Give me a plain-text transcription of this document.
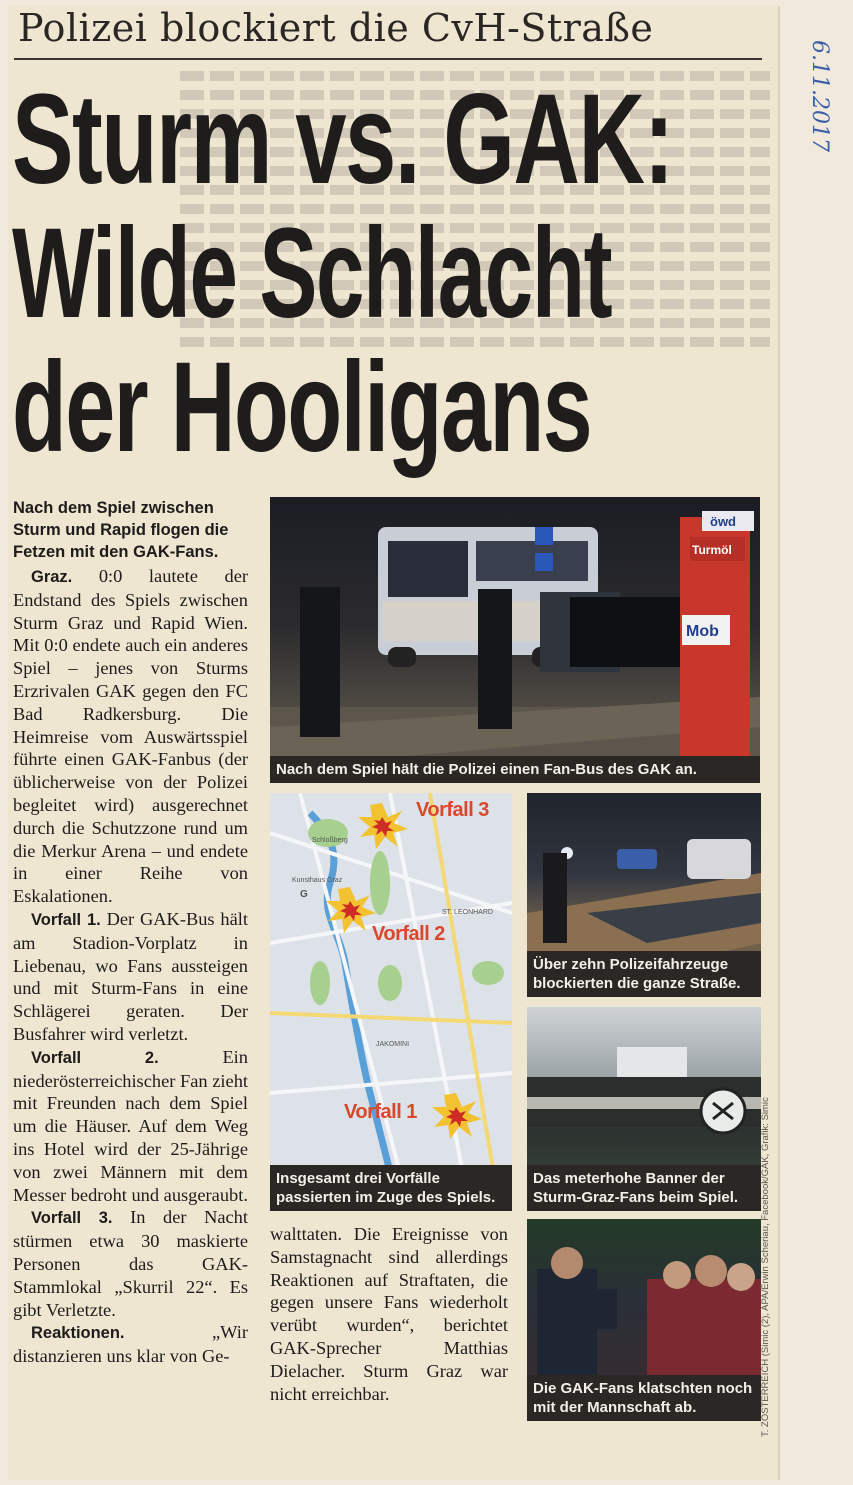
Polizei blockiert die CvH-Straße
Sturm vs. GAK:
Wilde Schlacht
der Hooligans

Nach dem Spiel zwischen Sturm und Rapid flogen die Fetzen mit den GAK-Fans.

Graz. 0:0 lautete der Endstand des Spiels zwischen Sturm Graz und Rapid Wien. Mit 0:0 endete auch ein anderes Spiel – jenes von Sturms Erzrivalen GAK gegen den FC Bad Radkersburg. Die Heimreise vom Auswärtsspiel führte einen GAK-Fanbus (der üblicherweise von der Polizei begleitet wird) ausgerechnet durch die Schutzzone rund um die Merkur Arena – und endete in einer Reihe von Eskalationen.

Vorfall 1. Der GAK-Bus hält am Stadion-Vorplatz in Liebenau, wo Fans aussteigen und mit Sturm-Fans in eine Schlägerei geraten. Der Busfahrer wird verletzt.

Vorfall 2.	Ein niederösterreichischer Fan zieht mit Freunden nach dem Spiel um die Häuser. Auf dem Weg ins Hotel wird der 25-Jährige von zwei Männern mit dem Messer bedroht und ausgeraubt.

Vorfall 3. In der Nacht stürmen etwa 30 maskierte Personen das GAK-Stammlokal „Skurril 22“. Es gibt Verletzte.

Reaktionen.	„Wir distanzieren uns klar von Ge-

walttaten. Die Ereignisse von Samstagnacht sind allerdings Reaktionen auf Straftaten, die gegen unsere Fans wiederholt verübt wurden“, berichtet GAK-Sprecher Matthias Dielacher. Sturm Graz war nicht erreichbar.

Turmöl
öwd
Mob
Nach dem Spiel hält die Polizei einen Fan-Bus des GAK an.
Schloßberg
Kunsthaus Graz
G
ST. LEONHARD
JAKOMINI
Vorfall 3
Vorfall 2
Vorfall 1
Insgesamt drei Vorfälle passierten im Zuge des Spiels.
Über zehn Polizeifahrzeuge blockierten die ganze Straße.
Das meterhohe Banner der Sturm-Graz-Fans beim Spiel.
Die GAK-Fans klatschten noch mit der Mannschaft ab.	T. ZOSTERREICH (Simic (2), APA/Erwin Scheriau, Facebook/GAK, Grafik: Simic
6.11.2017
